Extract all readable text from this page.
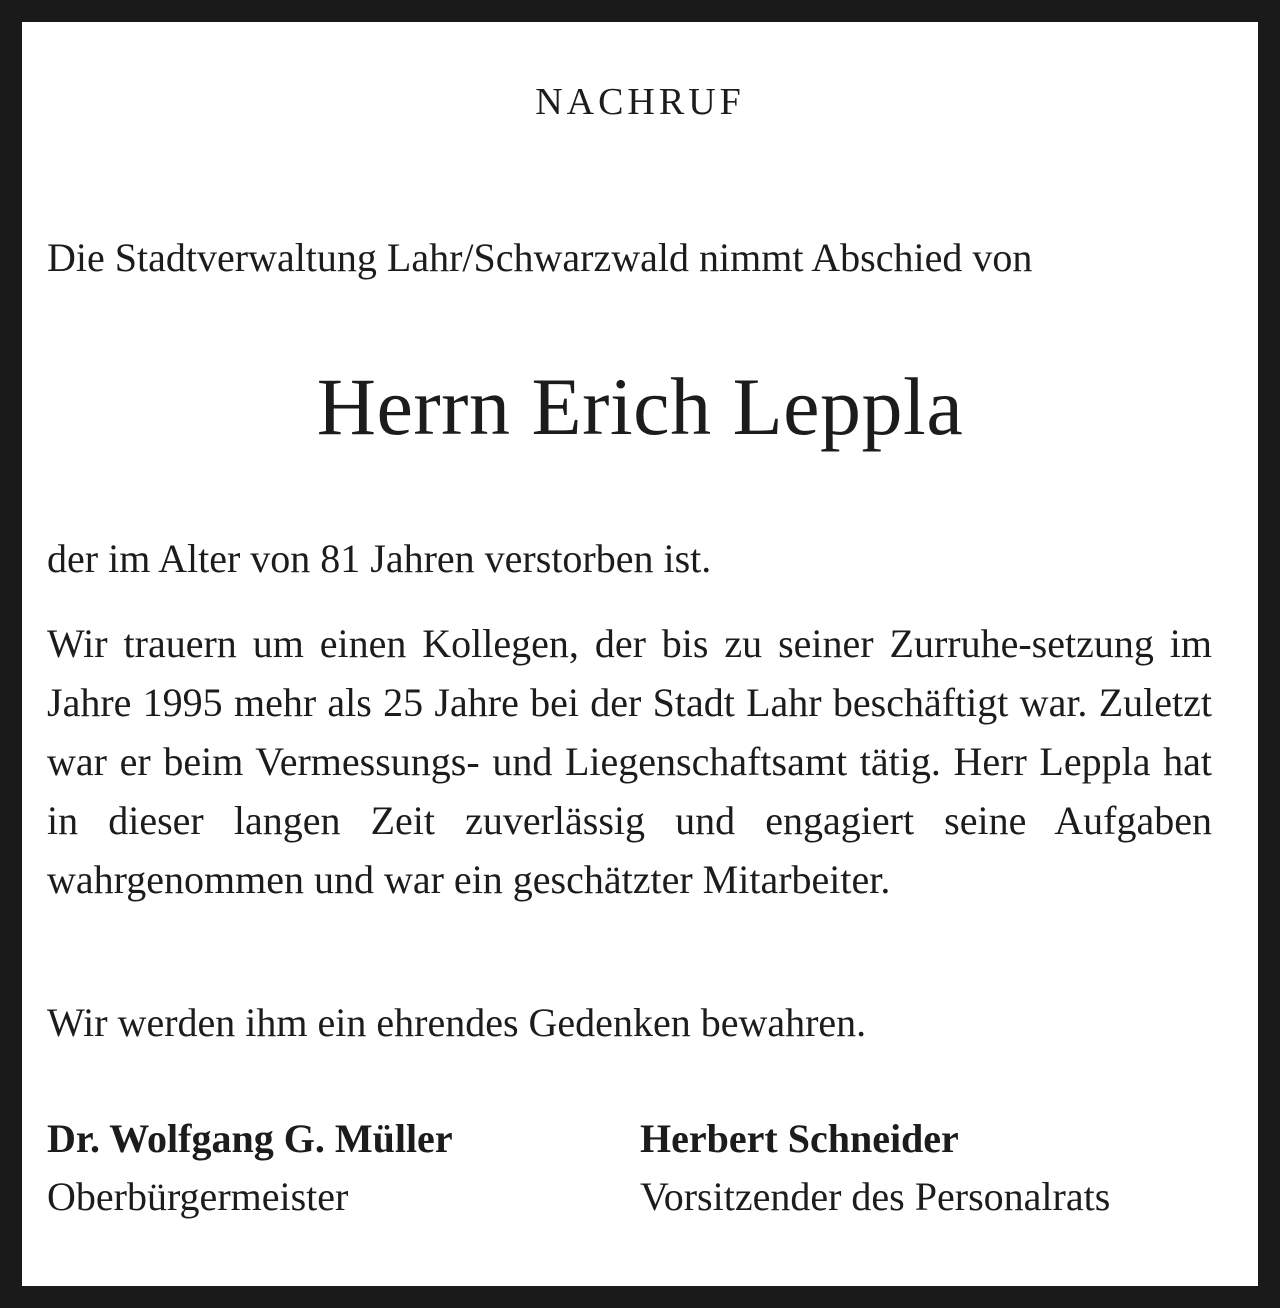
NACHRUF

Die Stadtverwaltung Lahr/Schwarzwald nimmt Abschied von

Herrn Erich Leppla

der im Alter von 81 Jahren verstorben ist.

Wir trauern um einen Kollegen, der bis zu seiner Zurruhe-setzung im Jahre 1995 mehr als 25 Jahre bei der Stadt Lahr beschäftigt war. Zuletzt war er beim Vermessungs- und Liegenschaftsamt tätig. Herr Leppla hat in dieser langen Zeit zuverlässig und engagiert seine Aufgaben wahrgenommen und war ein geschätzter Mitarbeiter.

Wir werden ihm ein ehrendes Gedenken bewahren.

Dr. Wolfgang G. Müller
Oberbürgermeister
Herbert Schneider
Vorsitzender des Personalrats
